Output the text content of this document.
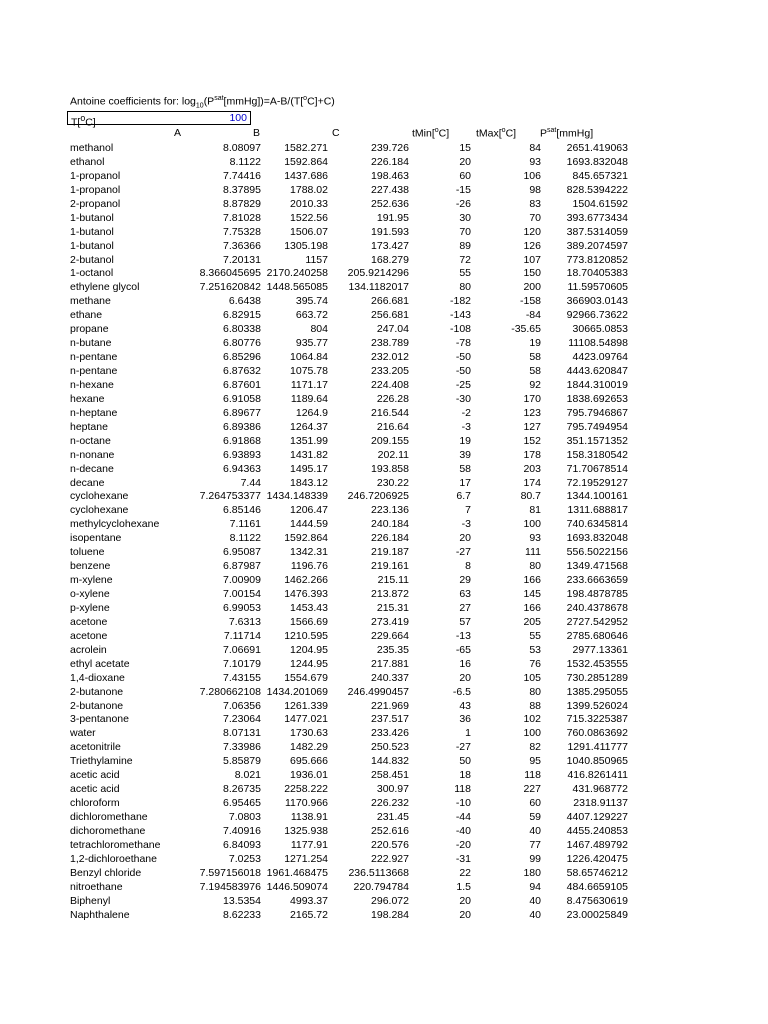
Antoine coefficients for: $\log_{10}(P^{sat}[mmHg])=A-B/(T[^oC]+C)$
T[$^o$C]	100
A	B	C	tMin[$^o$C]	tMax[$^o$C] $P^{sat}[mmHg]$
methanol	8.08097 1582.271	239.726	15	84 2651.419063
ethanol	8.1122 1592.864	226.184	20	93 1693.832048
1-propanol	7.74416 1437.686	198.463	60	106	845.657321
1-propanol	8.37895	1788.02	227.438	-15	98 828.5394222
2-propanol	8.87829	2010.33	252.636	-26	83	1504.61592
1-butanol	7.81028	1522.56	191.95	30	70 393.6773434
1-butanol	7.75328	1506.07	191.593	70	120 387.5314059
1-butanol	7.36366 1305.198	173.427	89	126 389.2074597
2-butanol	7.20131	1157	168.279	72	107 773.8120852
1-octanol	8.366045695 2170.240258 205.9214296	55	150 18.70405383
ethylene glycol	7.251620842 1448.565085 134.1182017	80	200	11.59570605
methane	6.6438	395.74	266.681	-182	-158 366903.0143
ethane	6.82915	663.72	256.681	-143	-84 92966.73622
propane	6.80338	804	247.04	-108	-35.65	30665.0853
n-butane	6.80776	935.77	238.789	-78	19	11108.54898
n-pentane	6.85296	1064.84	232.012	-50	58	4423.09764
n-pentane	6.87632	1075.78	233.205	-50	58 4443.620847
n-hexane	6.87601	1171.17	224.408	-25	92 1844.310019
hexane	6.91058	1189.64	226.28	-30	170 1838.692653
n-heptane	6.89677	1264.9	216.544	-2	123 795.7946867
heptane	6.89386	1264.37	216.64	-3	127 795.7494954
n-octane	6.91868	1351.99	209.155	19	152 351.1571352
n-nonane	6.93893	1431.82	202.11	39	178 158.3180542
n-decane	6.94363	1495.17	193.858	58	203 71.70678514
decane	7.44	1843.12	230.22	17	174 72.19529127
cyclohexane	7.264753377 1434.148339 246.7206925	6.7	80.7 1344.100161
cyclohexane	6.85146	1206.47	223.136	7	81	1311.688817
methylcyclohexane	7.1161	1444.59	240.184	-3	100 740.6345814
isopentane	8.1122 1592.864	226.184	20	93 1693.832048
toluene	6.95087	1342.31	219.187	-27	111 556.5022156
benzene	6.87987	1196.76	219.161	8	80 1349.471568
m-xylene	7.00909 1462.266	215.11	29	166 233.6663659
o-xylene	7.00154 1476.393	213.872	63	145 198.4878785
p-xylene	6.99053	1453.43	215.31	27	166 240.4378678
acetone	7.6313	1566.69	273.419	57	205 2727.542952
acetone	7.11714 1210.595	229.664	-13	55 2785.680646
acrolein	7.06691	1204.95	235.35	-65	53	2977.13361
ethyl acetate	7.10179	1244.95	217.881	16	76 1532.453555
1,4-dioxane	7.43155 1554.679	240.337	20	105 730.2851289
2-butanone	7.280662108 1434.201069 246.4990457	-6.5	80 1385.295055
2-butanone	7.06356 1261.339	221.969	43	88 1399.526024
3-pentanone	7.23064 1477.021	237.517	36	102 715.3225387
water	8.07131	1730.63	233.426	1	100 760.0863692
acetonitrile	7.33986	1482.29	250.523	-27	82	1291.411777
Triethylamine	5.85879	695.666	144.832	50	95 1040.850965
acetic acid	8.021	1936.01	258.451	18	118	416.8261411
acetic acid	8.26735 2258.222	300.97	118	227	431.968772
chloroform	6.95465 1170.966	226.232	-10	60	2318.91137
dichloromethane	7.0803	1138.91	231.45	-44	59 4407.129227
dichoromethane	7.40916 1325.938	252.616	-40	40 4455.240853
tetrachloromethane	6.84093	1177.91	220.576	-20	77 1467.489792
1,2-dichloroethane	7.0253 1271.254	222.927	-31	99 1226.420475
Benzyl chloride	7.597156018 1961.468475 236.5113668	22	180 58.65746212
nitroethane	7.194583976 1446.509074 220.794784	1.5	94 484.6659105
Biphenyl	13.5354	4993.37	296.072	20	40 8.475630619
Naphthalene	8.62233	2165.72	198.284	20	40 23.00025849
